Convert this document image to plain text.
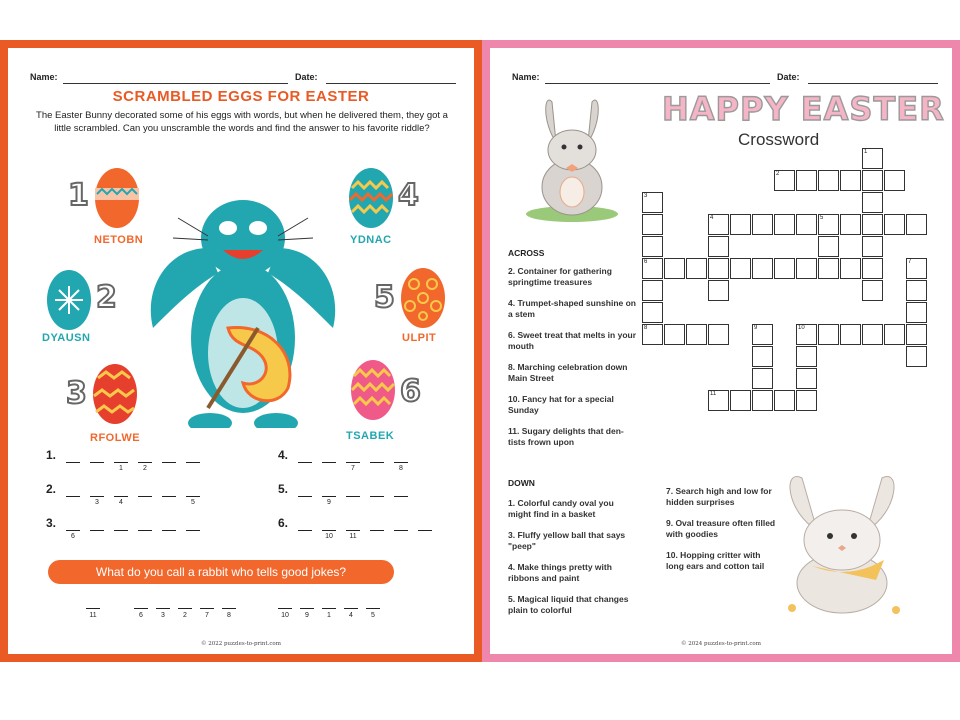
Name:	Date:
SCRAMBLED EGGS FOR EASTER
The Easter Bunny decorated some of his eggs with words, but when he delivered them, they got a little scrambled. Can you unscramble the words and find the answer to his favorite riddle?
1
NETOBN
2
DYAUSN
3
RFOLWE
4
YDNAC
5
ULPIT
6
TSABEK
1.
1	2
2.
3	4	5
3.
6
4.
7	8
5.
9
6.
10	11
What do you call a rabbit who tells good jokes?
11	6	3	2	7	8	10	9	1	4	5
© 2022 puzzles-to-print.com
Name:	Date:
HAPPY EASTER
Crossword
ACROSS
2. Container for gathering springtime treasures
4. Trumpet-shaped sunshine on a stem
6. Sweet treat that melts in your mouth
8. Marching celebration down Main Street
10. Fancy hat for a special Sunday
11. Sugary delights that den- tists frown upon
DOWN
1. Colorful candy oval you might find in a basket
3. Fluffy yellow ball that says "peep"
4. Make things pretty with ribbons and paint
5. Magical liquid that changes plain to colorful
7. Search high and low for hidden surprises
9. Oval treasure often filled with goodies
10. Hopping critter with long ears and cotton tail
1
2
3
4	5
6	7
8	9	10
11
© 2024 puzzles-to-print.com
